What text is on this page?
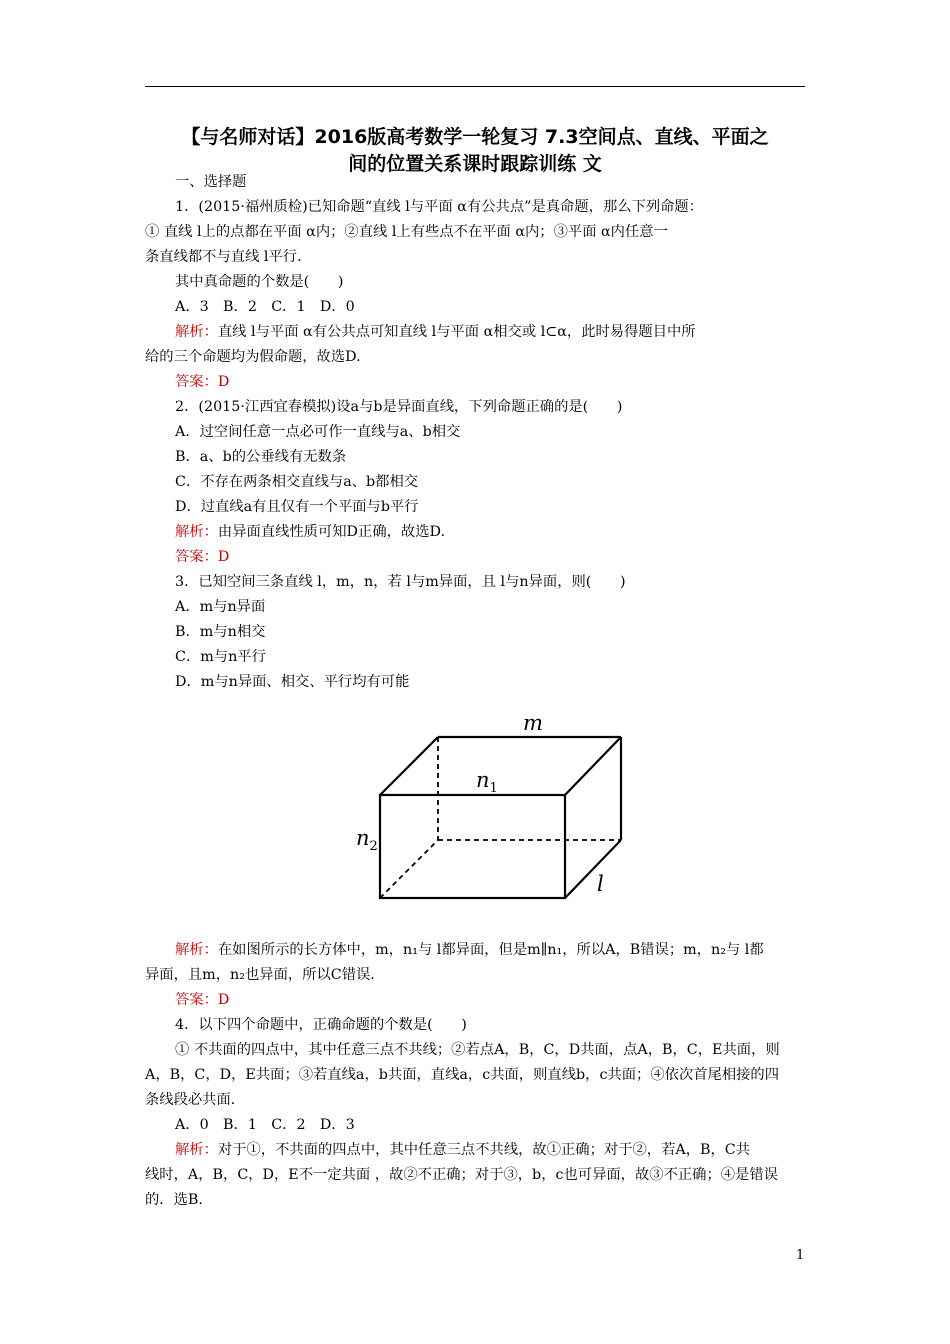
【与名师对话】2016版高考数学一轮复习 7.3空间点、直线、平面之
间的位置关系课时跟踪训练 文

一、选择题

1．(2015·福州质检)已知命题“直线 l与平面 α有公共点”是真命题，那么下列命题：

① 直线 l上的点都在平面 α内；②直线 l上有些点不在平面 α内；③平面 α内任意一

条直线都不与直线 l平行．

其中真命题的个数是(　　)

A．3　B．2　C．1　D．0

解析：直线 l与平面 α有公共点可知直线 l与平面 α相交或 l⊂α，此时易得题目中所

给的三个命题均为假命题，故选D.

答案：D

2．(2015·江西宜春模拟)设a与b是异面直线，下列命题正确的是(　　)

A．过空间任意一点必可作一直线与a、b相交

B．a、b的公垂线有无数条

C．不存在两条相交直线与a、b都相交

D．过直线a有且仅有一个平面与b平行

解析：由异面直线性质可知D正确，故选D.

答案：D

3．已知空间三条直线 l，m，n，若 l与m异面，且 l与n异面，则(　　)

A．m与n异面

B．m与n相交

C．m与n平行

D．m与n异面、相交、平行均有可能

解析：在如图所示的长方体中，m，n₁与 l都异面，但是m∥n₁，所以A，B错误；m，n₂与 l都

异面，且m，n₂也异面，所以C错误．

答案：D

4．以下四个命题中，正确命题的个数是(　　)

① 不共面的四点中，其中任意三点不共线；②若点A，B，C，D共面，点A，B，C，E共面，则

A，B，C，D，E共面；③若直线a，b共面，直线a，c共面，则直线b，c共面；④依次首尾相接的四

条线段必共面．

A．0　B．1　C．2　D．3

解析：对于①，不共面的四点中，其中任意三点不共线，故①正确；对于②，若A，B，C共

线时，A，B，C，D，E不一定共面 ，故②不正确；对于③，b，c也可异面，故③不正确；④是错误

的．选B.

m
$n_1$
$n_2$
l
1
